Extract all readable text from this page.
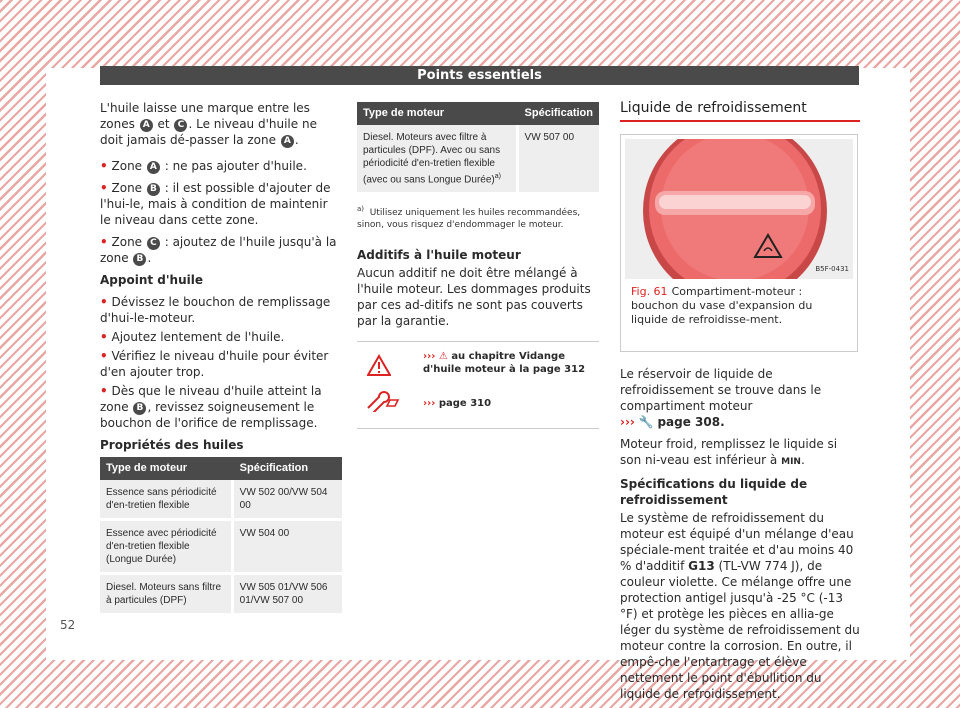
Points essentiels

L'huile laisse une marque entre les zones A et C . Le niveau d'huile ne doit jamais dé-passer la zone A .

• Zone A : ne pas ajouter d'huile.

• Zone B : il est possible d'ajouter de l'hui-le, mais à condition de maintenir le niveau dans cette zone.

• Zone C : ajoutez de l'huile jusqu'à la zone B .

Appoint d'huile

• Dévissez le bouchon de remplissage d'hui-le-moteur.

• Ajoutez lentement de l'huile.

• Vérifiez le niveau d'huile pour éviter d'en ajouter trop.

• Dès que le niveau d'huile atteint la zone B , revissez soigneusement le bouchon de l'orifice de remplissage.

Propriétés des huiles

Type de moteur	Spécification
Essence sans périodicité d'en-tretien flexible	VW 502 00/VW 504 00
Essence avec périodicité d'en-tretien flexible (Longue Durée)	VW 504 00
Diesel. Moteurs sans filtre à particules (DPF)	VW 505 01/VW 506 01/VW 507 00
Type de moteur	Spécification
Diesel. Moteurs avec filtre à particules (DPF). Avec ou sans périodicité d'en-tretien flexible (avec ou sans Longue Durée)$^{a)}$	VW 507 00
$^{a)}$ Utilisez uniquement les huiles recommandées, sinon, vous risquez d'endommager le moteur.

Additifs à l'huile moteur

Aucun additif ne doit être mélangé à l'huile moteur. Les dommages produits par ces ad-ditifs ne sont pas couverts par la garantie.

››› ⚠ au chapitre Vidange d'huile moteur à la page 312
››› page 310
Liquide de refroidissement
B5F-0431
Fig. 61 Compartiment-moteur : bouchon du vase d'expansion du liquide de refroidisse-ment.

Le réservoir de liquide de refroidissement se trouve dans le compartiment moteur
››› 🔧 page 308.

Moteur froid, remplissez le liquide si son ni-veau est inférieur à MIN.

Spécifications du liquide de refroidissement

Le système de refroidissement du moteur est équipé d'un mélange d'eau spéciale-ment traitée et d'au moins 40 % d'additif G13 (TL-VW 774 J), de couleur violette. Ce mélange offre une protection antigel jusqu'à -25 °C (-13 °F) et protège les pièces en allia-ge léger du système de refroidissement du moteur contre la corrosion. En outre, il empê-che l'entartrage et élève nettement le point d'ébullition du liquide de refroidissement.

52
